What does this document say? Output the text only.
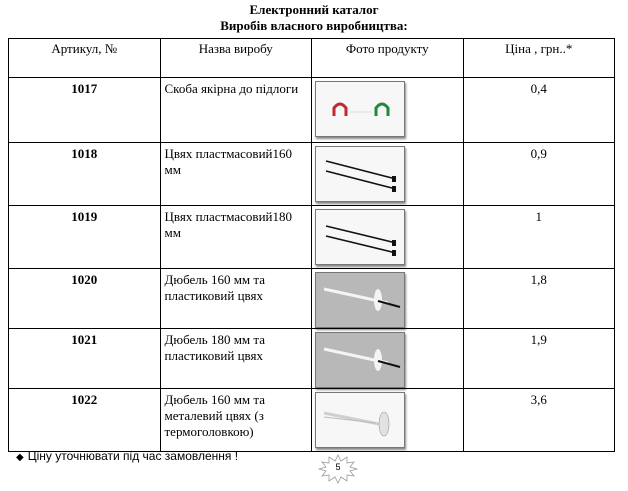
Електронний каталог
Виробів власного виробництва:
Артикул, №	Назва виробу	Фото продукту	Ціна , грн..*
1017	Скоба якірна до підлоги		0,4
1018	Цвях пластмасовий160 мм		0,9
1019	Цвях пластмасовий180 мм		1
1020	Дюбель 160 мм та пластиковий цвях		1,8
1021	Дюбель 180 мм та пластиковий цвях		1,9
1022	Дюбель 160 мм та металевий цвях (з термоголовкою)		3,6
◆ Ціну уточнювати під час замовлення !
5
